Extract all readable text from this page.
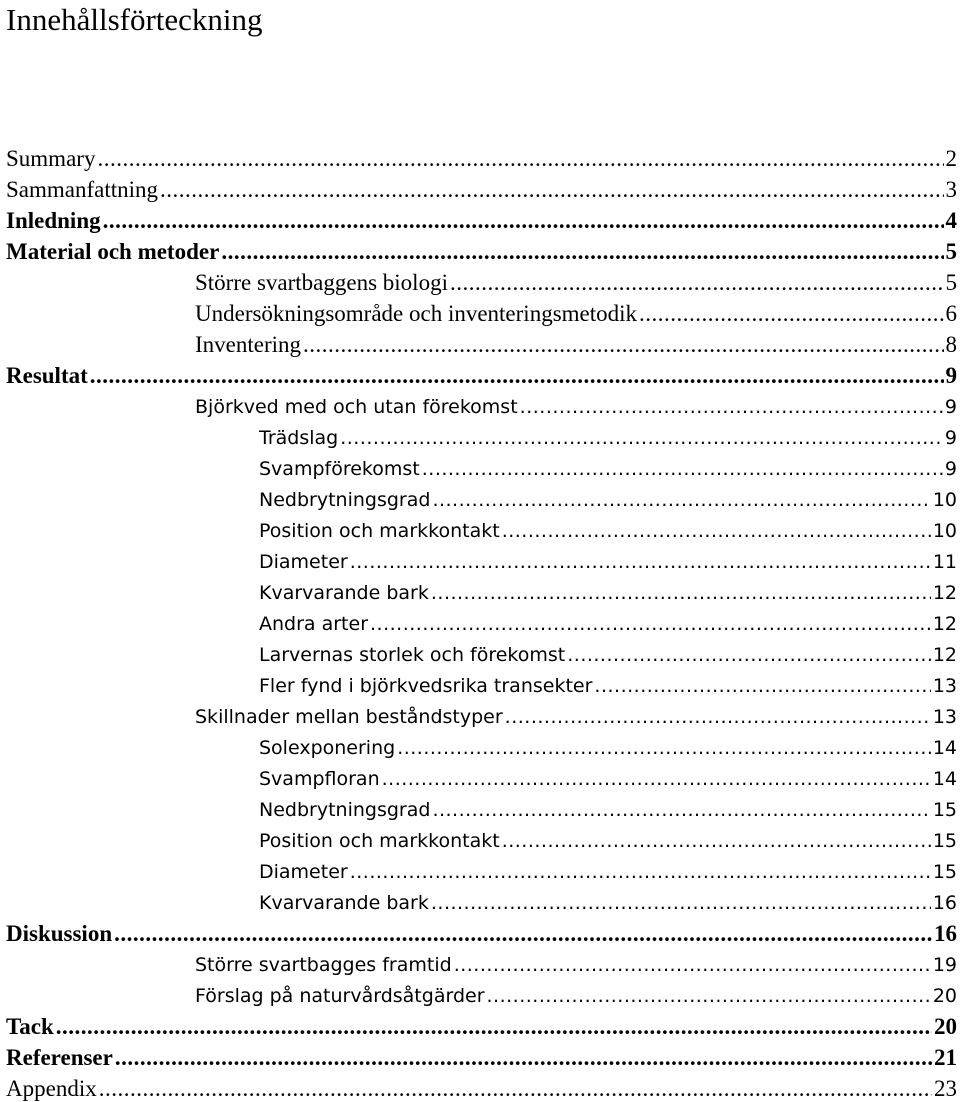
Innehållsförteckning
Summary .....	2
Sammanfattning .....	3
Inledning .....	4
Material och metoder .....	5
Större svartbaggens biologi .....	5
Undersökningsområde och inventeringsmetodik .....	6
Inventering .....	8
Resultat .....	9
Björkved med och utan förekomst .....	9
Trädslag .....	9
Svampförekomst .....	9
Nedbrytningsgrad .....	10
Position och markkontakt .....	10
Diameter .....	11
Kvarvarande bark .....	12
Andra arter .....	12
Larvernas storlek och förekomst .....	12
Fler fynd i björkvedsrika transekter .....	13
Skillnader mellan beståndstyper .....	13
Solexponering .....	14
Svampfloran .....	14
Nedbrytningsgrad .....	15
Position och markkontakt .....	15
Diameter .....	15
Kvarvarande bark .....	16
Diskussion .....	16
Större svartbagges framtid .....	19
Förslag på naturvårdsåtgärder .....	20
Tack .....	20
Referenser .....	21
Appendix .....	23
